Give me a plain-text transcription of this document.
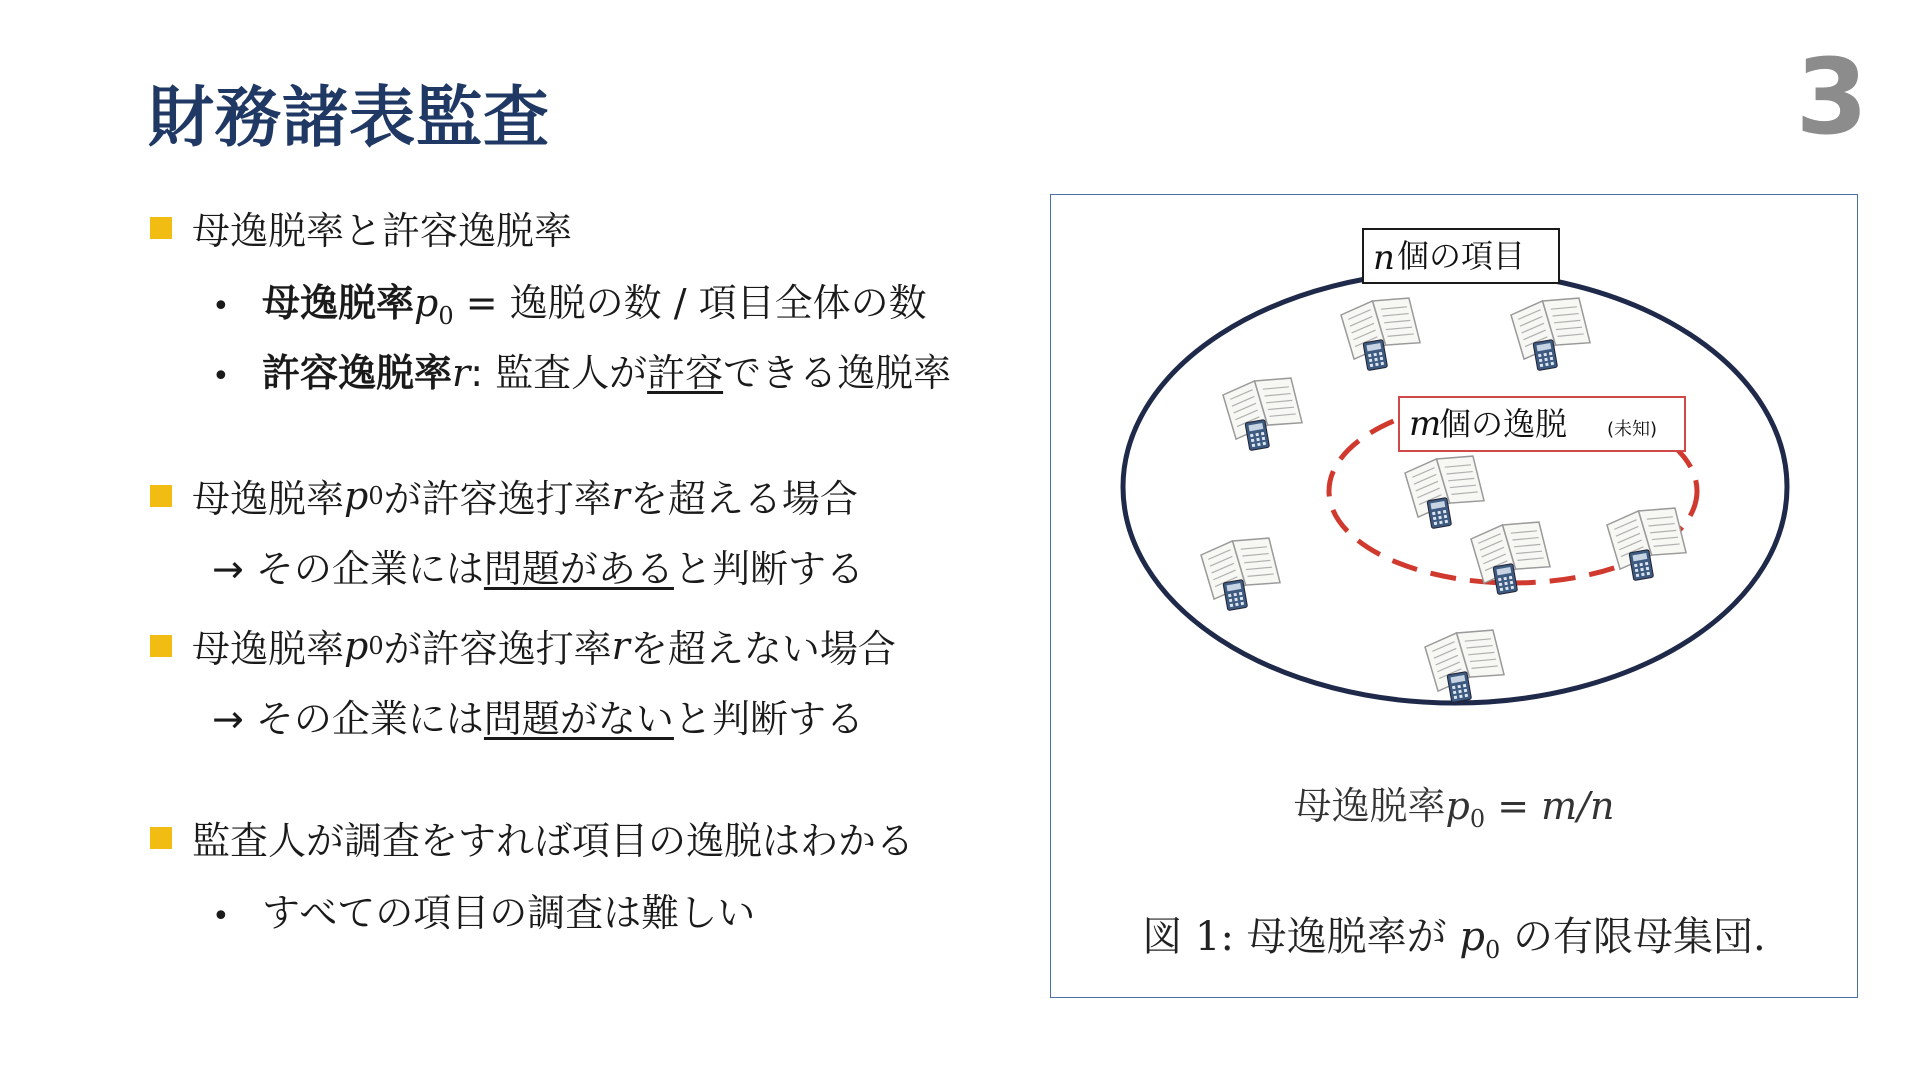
財務諸表監査	3
母逸脱率と許容逸脱率
• 母逸脱率$p_0$ = 逸脱の数 / 項目全体の数
• 許容逸脱率r: 監査人が許容できる逸脱率
母逸脱率 p 0 が許容逸打率 r を超える場合
→ その企業には問題があると判断する
母逸脱率 p 0 が許容逸打率 r を超えない場合
→ その企業には問題がないと判断する
監査人が調査をすれば項目の逸脱はわかる
• すべての項目の調査は難しい
n 個の項目
m
個の逸脱 (未知)
母逸脱率$p_0 = m/n$
図 1: 母逸脱率が $p_0$ の有限母集団.
